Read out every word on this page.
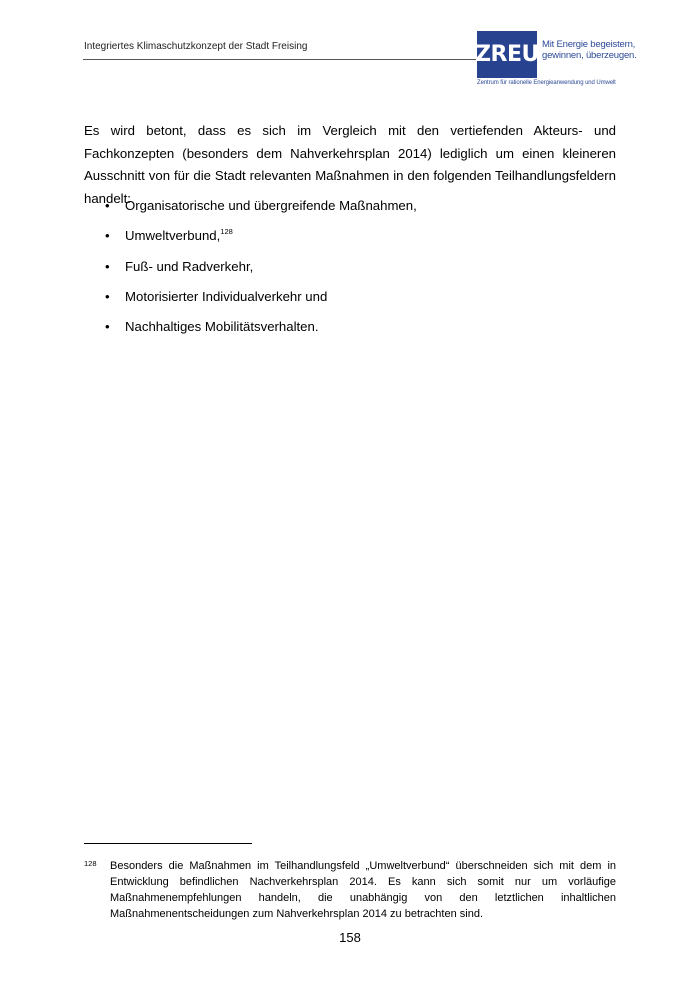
Integriertes Klimaschutzkonzept der Stadt Freising	ZREU Mit Energie begeistern,
gewinnen, überzeugen.
Zentrum für rationelle Energieanwendung und Umwelt

Es wird betont, dass es sich im Vergleich mit den vertiefenden Akteurs- und Fachkonzepten (besonders dem Nahverkehrsplan 2014) lediglich um einen kleineren Ausschnitt von für die Stadt relevanten Maßnahmen in den folgenden Teilhandlungsfeldern handelt:

• Organisatorische und übergreifende Maßnahmen,
• Umweltverbund,$^{128}$
• Fuß- und Radverkehr,
• Motorisierter Individualverkehr und
• Nachhaltiges Mobilitätsverhalten.
128 Besonders die Maßnahmen im Teilhandlungsfeld „Umweltverbund“ überschneiden sich mit dem in Entwicklung befindlichen Nachverkehrsplan 2014. Es kann sich somit nur um vorläufige Maßnahmenempfehlungen handeln, die unabhängig von den letztlichen inhaltlichen Maßnahmenentscheidungen zum Nahverkehrsplan 2014 zu betrachten sind.

158
